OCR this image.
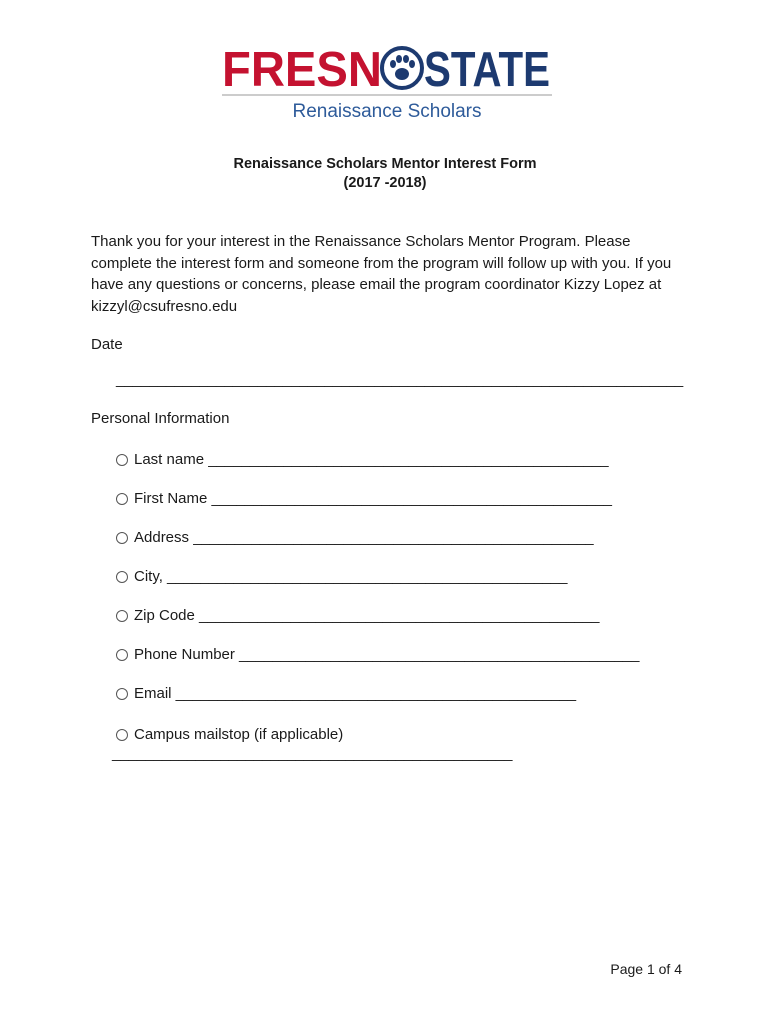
FRESN STATE
Renaissance Scholars
Renaissance Scholars Mentor Interest Form
(2017 -2018)
Thank you for your interest in the Renaissance Scholars Mentor Program. Please complete the interest form and someone from the program will follow up with you. If you have any questions or concerns, please email the program coordinator Kizzy Lopez at kizzyl@csufresno.edu
Date
____________________________________________________________________
Personal Information
Last name ________________________________________________
First Name ________________________________________________
Address ________________________________________________
City, ________________________________________________
Zip Code ________________________________________________
Phone Number ________________________________________________
Email ________________________________________________
Campus mailstop (if applicable)
________________________________________________
Page 1 of 4
